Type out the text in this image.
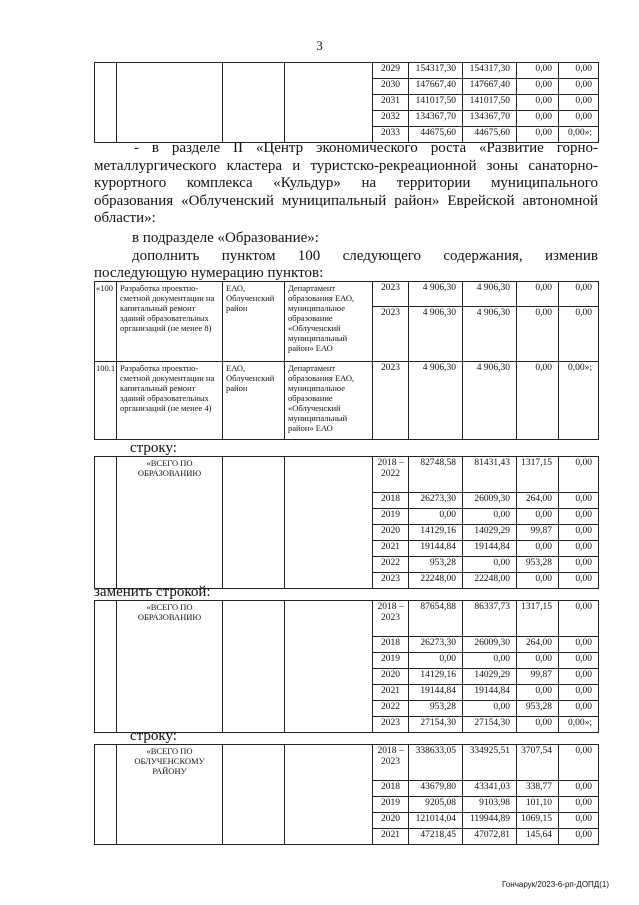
3
				2029	154317,30	154317,30	0,00	0,00
				2030	147667,40	147667,40	0,00	0,00
				2031	141017,50	141017,50	0,00	0,00
				2032	134367,70	134367,70	0,00	0,00
				2033	44675,60	44675,60	0,00	0,00»;
- в разделе II «Центр экономического роста «Развитие горно-
металлургического кластера и туристско-рекреационной зоны санаторно-
курортного комплекса «Кульдур» на территории муниципального
образования «Облученский муниципальный район» Еврейской автономной
области»:
в подразделе «Образование»:
дополнить пунктом 100 следующего содержания, изменив
последующую нумерацию пунктов:
«100	Разработка проектно-сметной документации на капитальный ремонт зданий образовательных организаций (не менее 8)	ЕАО, Облученский район	Департамент образования ЕАО, муниципальное образование «Облученский муниципальный район» ЕАО	2023	4 906,30	4 906,30	0,00	0,00
				2023	4 906,30	4 906,30	0,00	0,00
100.1	Разработка проектно-сметной документации на капитальный ремонт зданий образовательных организаций (не менее 4)	ЕАО, Облученский район	Департамент образования ЕАО, муниципальное образование «Облученский муниципальный район» ЕАО	2023	4 906,30	4 906,30	0,00	0,00»;
строку:
	«ВСЕГО ПО ОБРАЗОВАНИЮ			2018 – 2022	82748,58	81431,43	1317,15	0,00
				2018	26273,30	26009,30	264,00	0,00
				2019	0,00	0,00	0,00	0,00
				2020	14129,16	14029,29	99,87	0,00
				2021	19144,84	19144,84	0,00	0,00
				2022	953,28	0,00	953,28	0,00
				2023	22248,00	22248,00	0,00	0,00
заменить строкой:
	«ВСЕГО ПО ОБРАЗОВАНИЮ			2018 – 2023	87654,88	86337,73	1317,15	0,00
				2018	26273,30	26009,30	264,00	0,00
				2019	0,00	0,00	0,00	0,00
				2020	14129,16	14029,29	99,87	0,00
				2021	19144,84	19144,84	0,00	0,00
				2022	953,28	0,00	953,28	0,00
				2023	27154,30	27154,30	0,00	0,00»;
строку:
	«ВСЕГО ПО ОБЛУЧЕНСКОМУ РАЙОНУ			2018 – 2023	338633,05	334925,51	3707,54	0,00
				2018	43679,80	43341,03	338,77	0,00
				2019	9205,08	9103,98	101,10	0,00
				2020	121014,04	119944,89	1069,15	0,00
				2021	47218,45	47072,81	145,64	0,00
Гончарук/2023-6-рп-ДОПД(1)
